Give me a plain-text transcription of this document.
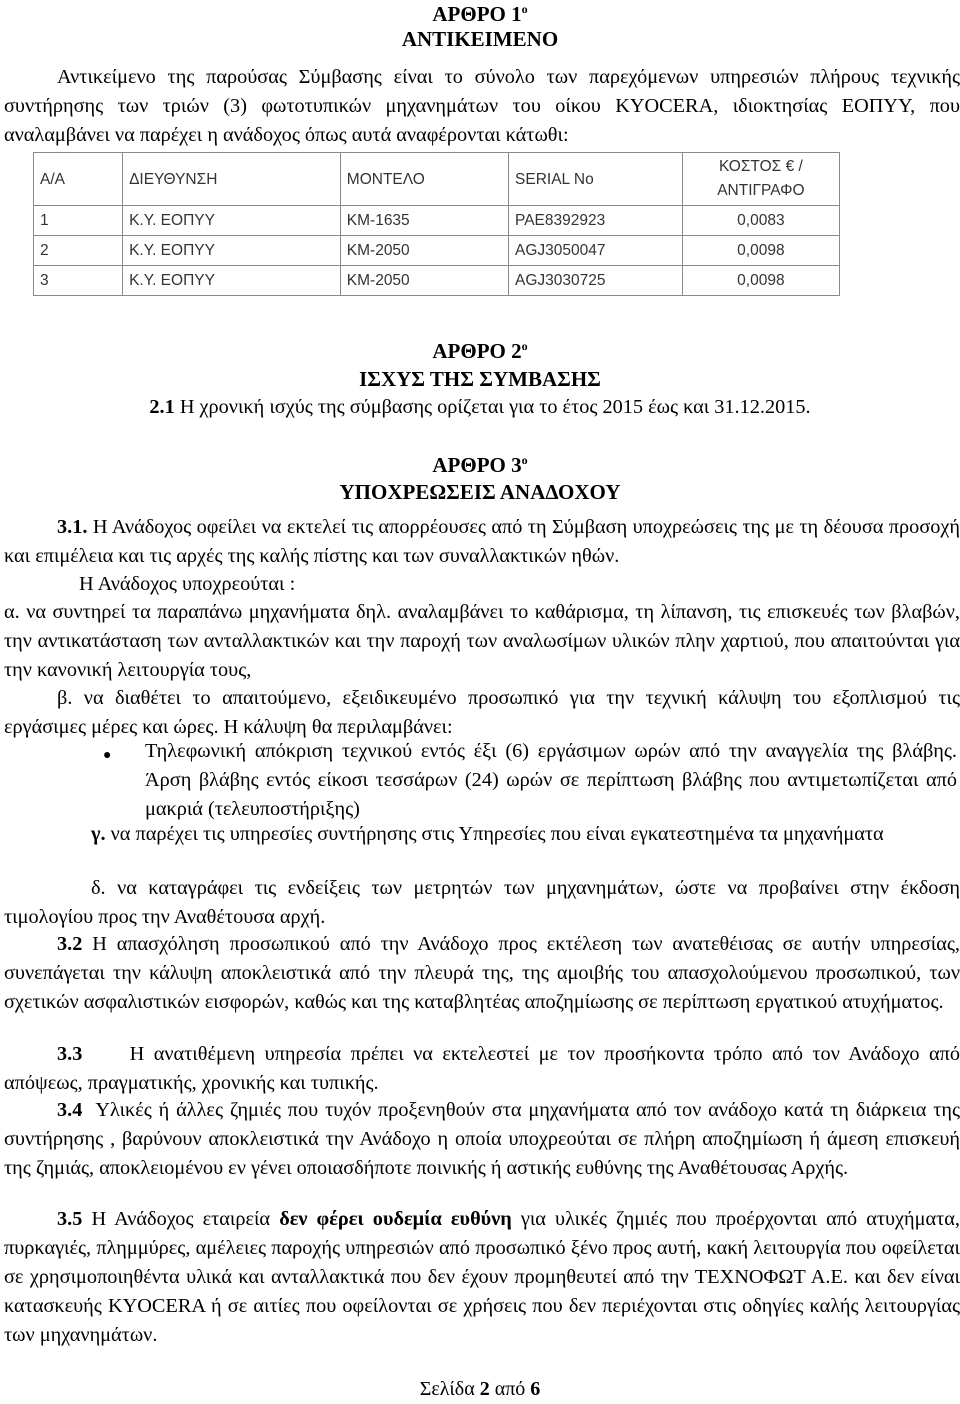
ΑΡΘΡΟ $1^o$
ΑΝΤΙΚΕΙΜΕΝΟ
Αντικείμενο της παρούσας Σύμβασης είναι το σύνολο των παρεχόμενων υπηρεσιών πλήρους τεχνικής συντήρησης των τριών (3) φωτοτυπικών μηχανημάτων του οίκου KYOCERA, ιδιοκτησίας ΕΟΠΥΥ, που αναλαμβάνει να παρέχει η ανάδοχος όπως αυτά αναφέρονται κάτωθι:
Α/Α	ΔΙΕΥΘΥΝΣΗ	ΜΟΝΤΕΛΟ	SERIAL No	ΚΟΣΤΟΣ € / ΑΝΤΙΓΡΑΦΟ
1	Κ.Υ. ΕΟΠΥΥ	KM-1635	PAE8392923	0,0083
2	Κ.Υ. ΕΟΠΥΥ	KM-2050	AGJ3050047	0,0098
3	Κ.Υ. ΕΟΠΥΥ	KM-2050	AGJ3030725	0,0098
ΑΡΘΡΟ $2^o$
ΙΣΧΥΣ ΤΗΣ ΣΥΜΒΑΣΗΣ
2.1 Η χρονική ισχύς της σύμβασης ορίζεται για το έτος 2015 έως και 31.12.2015.
ΑΡΘΡΟ $3^o$
ΥΠΟΧΡΕΩΣΕΙΣ ΑΝΑΔΟΧΟΥ
3.1. Η Ανάδοχος οφείλει να εκτελεί τις απορρέουσες από τη Σύμβαση υποχρεώσεις της με τη δέουσα προσοχή και επιμέλεια και τις αρχές της καλής πίστης και των συναλλακτικών ηθών.
Η Ανάδοχος υποχρεούται :
α. να συντηρεί τα παραπάνω μηχανήματα δηλ. αναλαμβάνει το καθάρισμα, τη λίπανση, τις επισκευές των βλαβών, την αντικατάσταση των ανταλλακτικών και την παροχή των αναλωσίμων υλικών πλην χαρτιού, που απαιτούνται για την κανονική λειτουργία τους,
β. να διαθέτει το απαιτούμενο, εξειδικευμένο προσωπικό για την τεχνική κάλυψη του εξοπλισμού τις εργάσιμες μέρες και ώρες. Η κάλυψη θα περιλαμβάνει:
● Τηλεφωνική απόκριση τεχνικού εντός έξι (6) εργάσιμων ωρών από την αναγγελία της βλάβης. Άρση βλάβης εντός είκοσι τεσσάρων (24) ωρών σε περίπτωση βλάβης που αντιμετωπίζεται από μακριά (τελευποστήριξης)
γ. να παρέχει τις υπηρεσίες συντήρησης στις Υπηρεσίες που είναι εγκατεστημένα τα μηχανήματα
δ. να καταγράφει τις ενδείξεις των μετρητών των μηχανημάτων, ώστε να προβαίνει στην έκδοση τιμολογίου προς την Αναθέτουσα αρχή.
3.2 Η απασχόληση προσωπικού από την Ανάδοχο προς εκτέλεση των ανατεθέισας σε αυτήν υπηρεσίας, συνεπάγεται την κάλυψη αποκλειστικά από την πλευρά της, της αμοιβής του απασχολούμενου προσωπικού, των σχετικών ασφαλιστικών εισφορών, καθώς και της καταβλητέας αποζημίωσης σε περίπτωση εργατικού ατυχήματος.
3.3     Η ανατιθέμενη υπηρεσία πρέπει να εκτελεστεί με τον προσήκοντα τρόπο από τον Ανάδοχο από απόψεως, πραγματικής, χρονικής και τυπικής.
3.4  Υλικές ή άλλες ζημιές που τυχόν προξενηθούν στα μηχανήματα από τον ανάδοχο κατά τη διάρκεια της συντήρησης , βαρύνουν αποκλειστικά την Ανάδοχο η οποία υποχρεούται σε πλήρη αποζημίωση ή άμεση επισκευή της ζημιάς, αποκλειομένου εν γένει οποιασδήποτε ποινικής ή αστικής ευθύνης της Αναθέτουσας Αρχής.
3.5 Η Ανάδοχος εταιρεία δεν φέρει ουδεμία ευθύνη για υλικές ζημιές που προέρχονται από ατυχήματα, πυρκαγιές, πλημμύρες, αμέλειες παροχής υπηρεσιών από προσωπικό ξένο προς αυτή, κακή λειτουργία που οφείλεται σε χρησιμοποιηθέντα υλικά και ανταλλακτικά που δεν έχουν προμηθευτεί από την ΤΕΧΝΟΦΩΤ Α.Ε. και δεν είναι κατασκευής KYOCERA ή σε αιτίες που οφείλονται σε χρήσεις που δεν περιέχονται στις οδηγίες καλής λειτουργίας των μηχανημάτων.
Σελίδα 2 από 6
